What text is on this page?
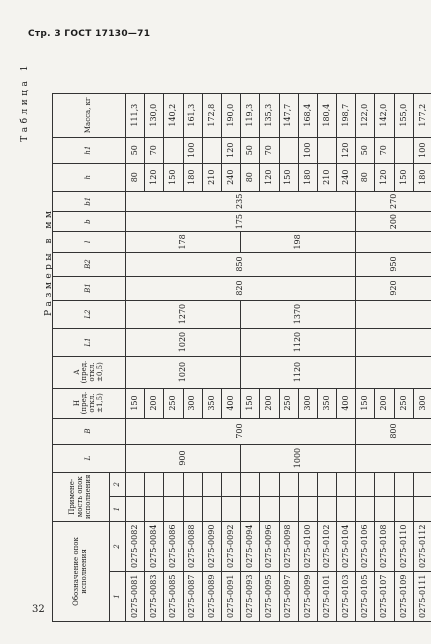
Стр. 3 ГОСТ 17130—71
32
Таблица 1
Размеры в мм
Обозначение опок исполнения		Примене-мость опок исполнения		L	B	H (пред. откл. ±1,5)	A (пред. откл. ±0,5)	L1	L2	B1	B2	l	b	b1	h	h1	Масса, кг
1	2	1	2														
0275-0081	0275-0082			900	700	150	1020	1020	1270	820	850	178	175	235	80	50	111,3
0275-0083	0275-0084					200									120	70	130,0
0275-0085	0275-0086					250									150		140,2
0275-0087	0275-0088					300									180	100	161,3
0275-0089	0275-0090					350									210		172,8
0275-0091	0275-0092					400									240	120	190,0
0275-0093	0275-0094			1000		150	1120	1120	1370			198			80	50	119,3
0275-0095	0275-0096					200									120	70	135,3
0275-0097	0275-0098					250									150		147,7
0275-0099	0275-0100					300									180	100	168,4
0275-0101	0275-0102					350									210		180,4
0275-0103	0275-0104					400									240	120	198,7
0275-0105	0275-0106				800	150				920	950		200	270	80	50	122,0
0275-0107	0275-0108					200									120	70	142,0
0275-0109	0275-0110					250									150		155,0
0275-0111	0275-0112					300									180	100	177,2
